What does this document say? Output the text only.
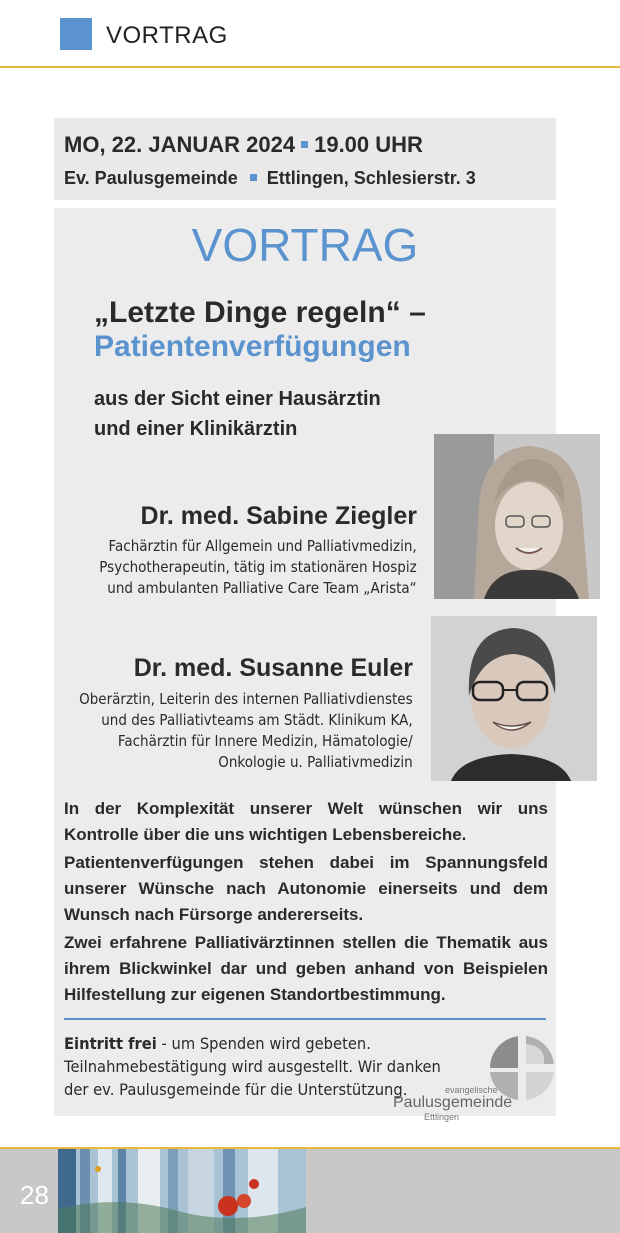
VORTRAG
MO, 22. JANUAR 2024 19.00 UHR
Ev. Paulusgemeinde Ettlingen, Schlesierstr. 3
VORTRAG
„Letzte Dinge regeln“ –
Patientenverfügungen
aus der Sicht einer Hausärztin
und einer Klinikärztin
Dr. med. Sabine Ziegler
Fachärztin für Allgemein und Palliativmedizin,
Psychotherapeutin, tätig im stationären Hospiz
und ambulanten Palliative Care Team „Arista“
Dr. med. Susanne Euler
Oberärztin, Leiterin des internen Palliativdienstes
und des Palliativteams am Städt. Klinikum KA,
Fachärztin für Innere Medizin, Hämatologie/
Onkologie u. Palliativmedizin
In der Komplexität unserer Welt wünschen wir uns Kontrolle über die uns wichtigen Lebensbereiche.
Patientenverfügungen stehen dabei im Spannungsfeld unserer Wünsche nach Autonomie einerseits und dem Wunsch nach Fürsorge andererseits.
Zwei erfahrene Palliativärztinnen stellen die Thematik aus ihrem Blickwinkel dar und geben anhand von Beispielen Hilfestellung zur eigenen Standortbestimmung.
Eintritt frei - um Spenden wird gebeten. Teilnahmebestätigung wird ausgestellt. Wir danken der ev. Paulusgemeinde für die Unterstützung.	evangelische
Paulusgemeinde
Ettlingen
28
